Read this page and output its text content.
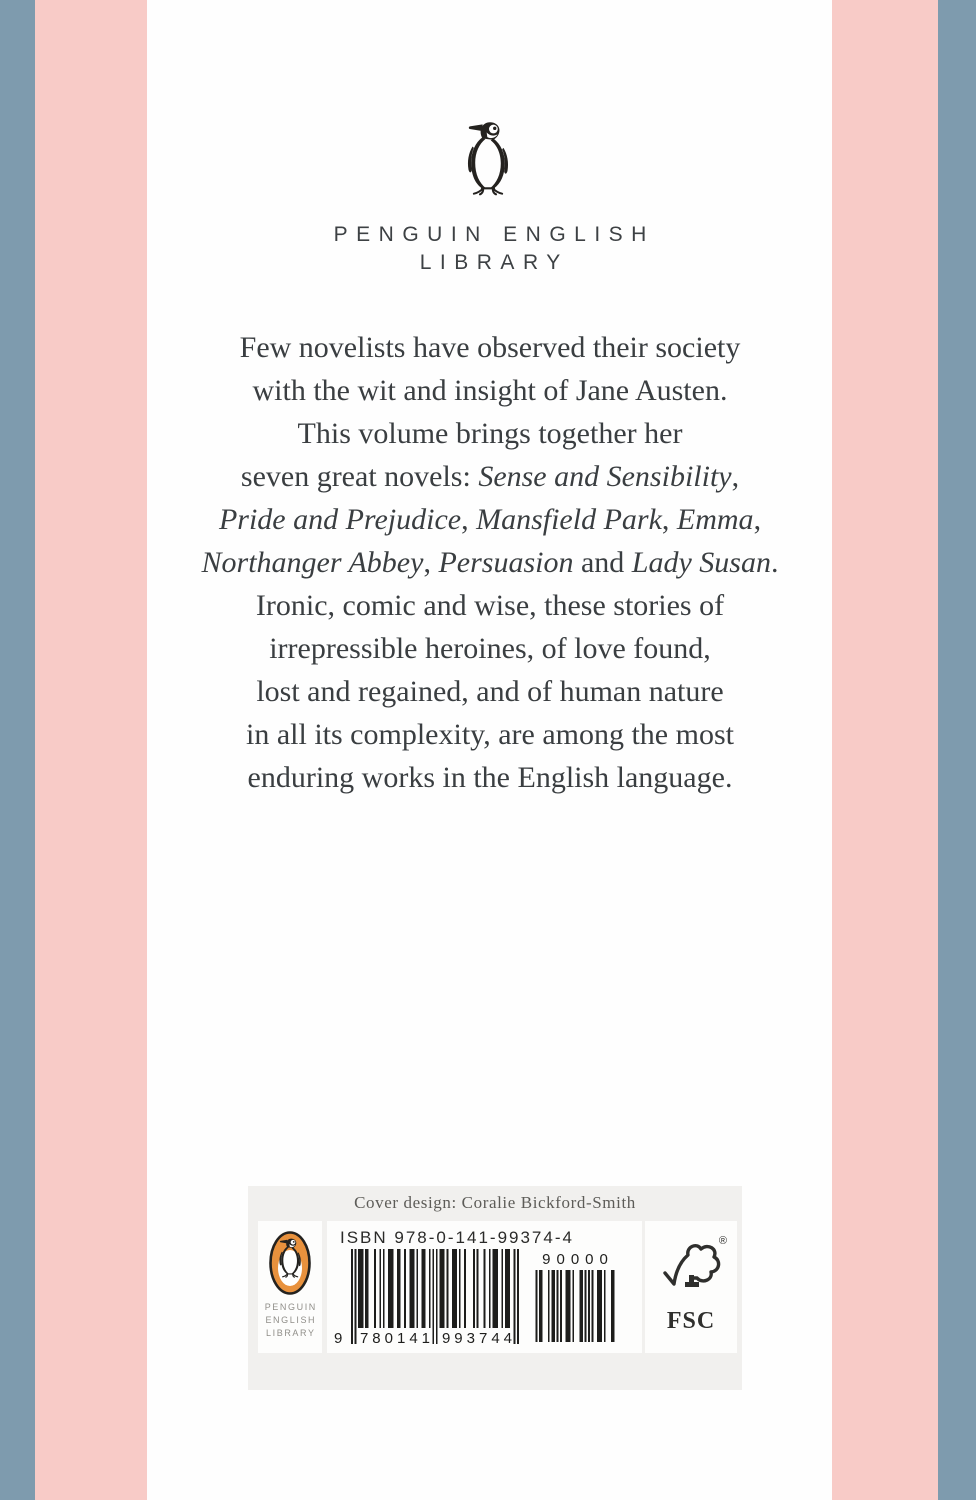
PENGUIN ENGLISH
LIBRARY
Few novelists have observed their society
with the wit and insight of Jane Austen.
This volume brings together her
seven great novels: Sense and Sensibility,
Pride and Prejudice, Mansfield Park, Emma,
Northanger Abbey, Persuasion and Lady Susan.
Ironic, comic and wise, these stories of
irrepressible heroines, of love found,
lost and regained, and of human nature
in all its complexity, are among the most
enduring works in the English language.
Cover design: Coralie Bickford-Smith
PENGUIN
ENGLISH
LIBRARY
ISBN 978-0-141-99374-4
9 780141 993744
90000
®
FSC
